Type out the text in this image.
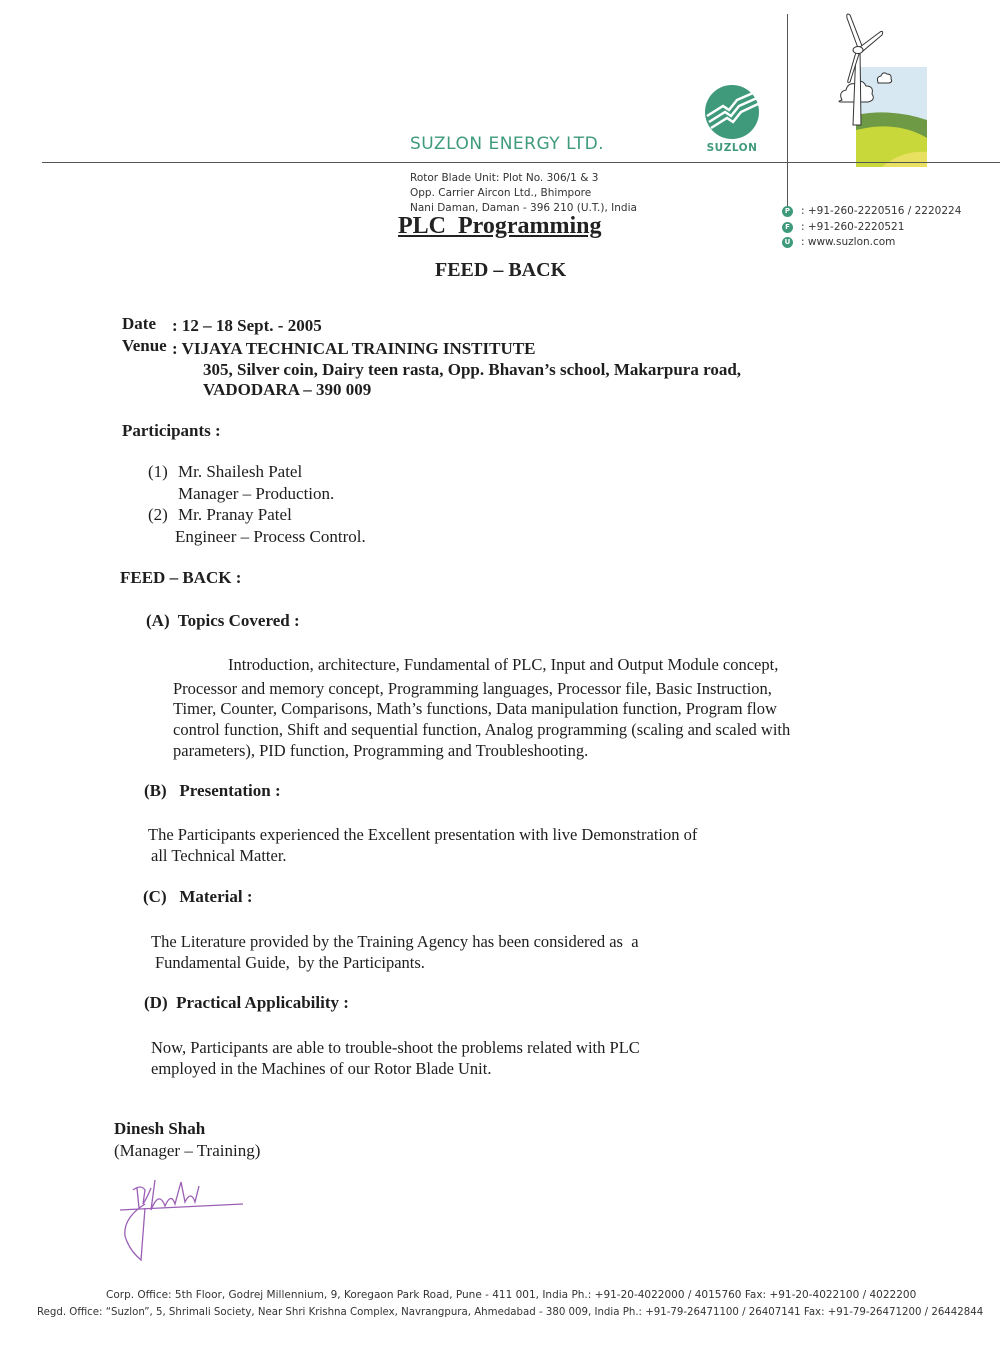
SUZLON ENERGY LTD.	SUZLON
Rotor Blade Unit: Plot No. 306/1 & 3
Opp. Carrier Aircon Ltd., Bhimpore
Nani Daman, Daman - 396 210 (U.T.), India	P : +91-260-2220516 / 2220224
F : +91-260-2220521
U : www.suzlon.com
PLC  Programming
FEED – BACK
Date : 12 – 18 Sept. - 2005
Venue : VIJAYA TECHNICAL TRAINING INSTITUTE
305, Silver coin, Dairy teen rasta, Opp. Bhavan’s school, Makarpura road,
VADODARA – 390 009
Participants :
(1) Mr. Shailesh Patel
Manager – Production.
(2) Mr. Pranay Patel
Engineer – Process Control.
FEED – BACK :
(A)  Topics Covered :
Introduction, architecture, Fundamental of PLC, Input and Output Module concept,
Processor and memory concept, Programming languages, Processor file, Basic Instruction,
Timer, Counter, Comparisons, Math’s functions, Data manipulation function, Program flow
control function, Shift and sequential function, Analog programming (scaling and scaled with
parameters), PID function, Programming and Troubleshooting.
(B)   Presentation :
The Participants experienced the Excellent presentation with live Demonstration of
all Technical Matter.
(C)   Material :
The Literature provided by the Training Agency has been considered as  a
Fundamental Guide,  by the Participants.
(D)  Practical Applicability :
Now, Participants are able to trouble-shoot the problems related with PLC
employed in the Machines of our Rotor Blade Unit.
Dinesh Shah
(Manager – Training)
Corp. Office: 5th Floor, Godrej Millennium, 9, Koregaon Park Road, Pune - 411 001, India Ph.: +91-20-4022000 / 4015760 Fax: +91-20-4022100 / 4022200
Regd. Office: “Suzlon”, 5, Shrimali Society, Near Shri Krishna Complex, Navrangpura, Ahmedabad - 380 009, India Ph.: +91-79-26471100 / 26407141 Fax: +91-79-26471200 / 26442844
